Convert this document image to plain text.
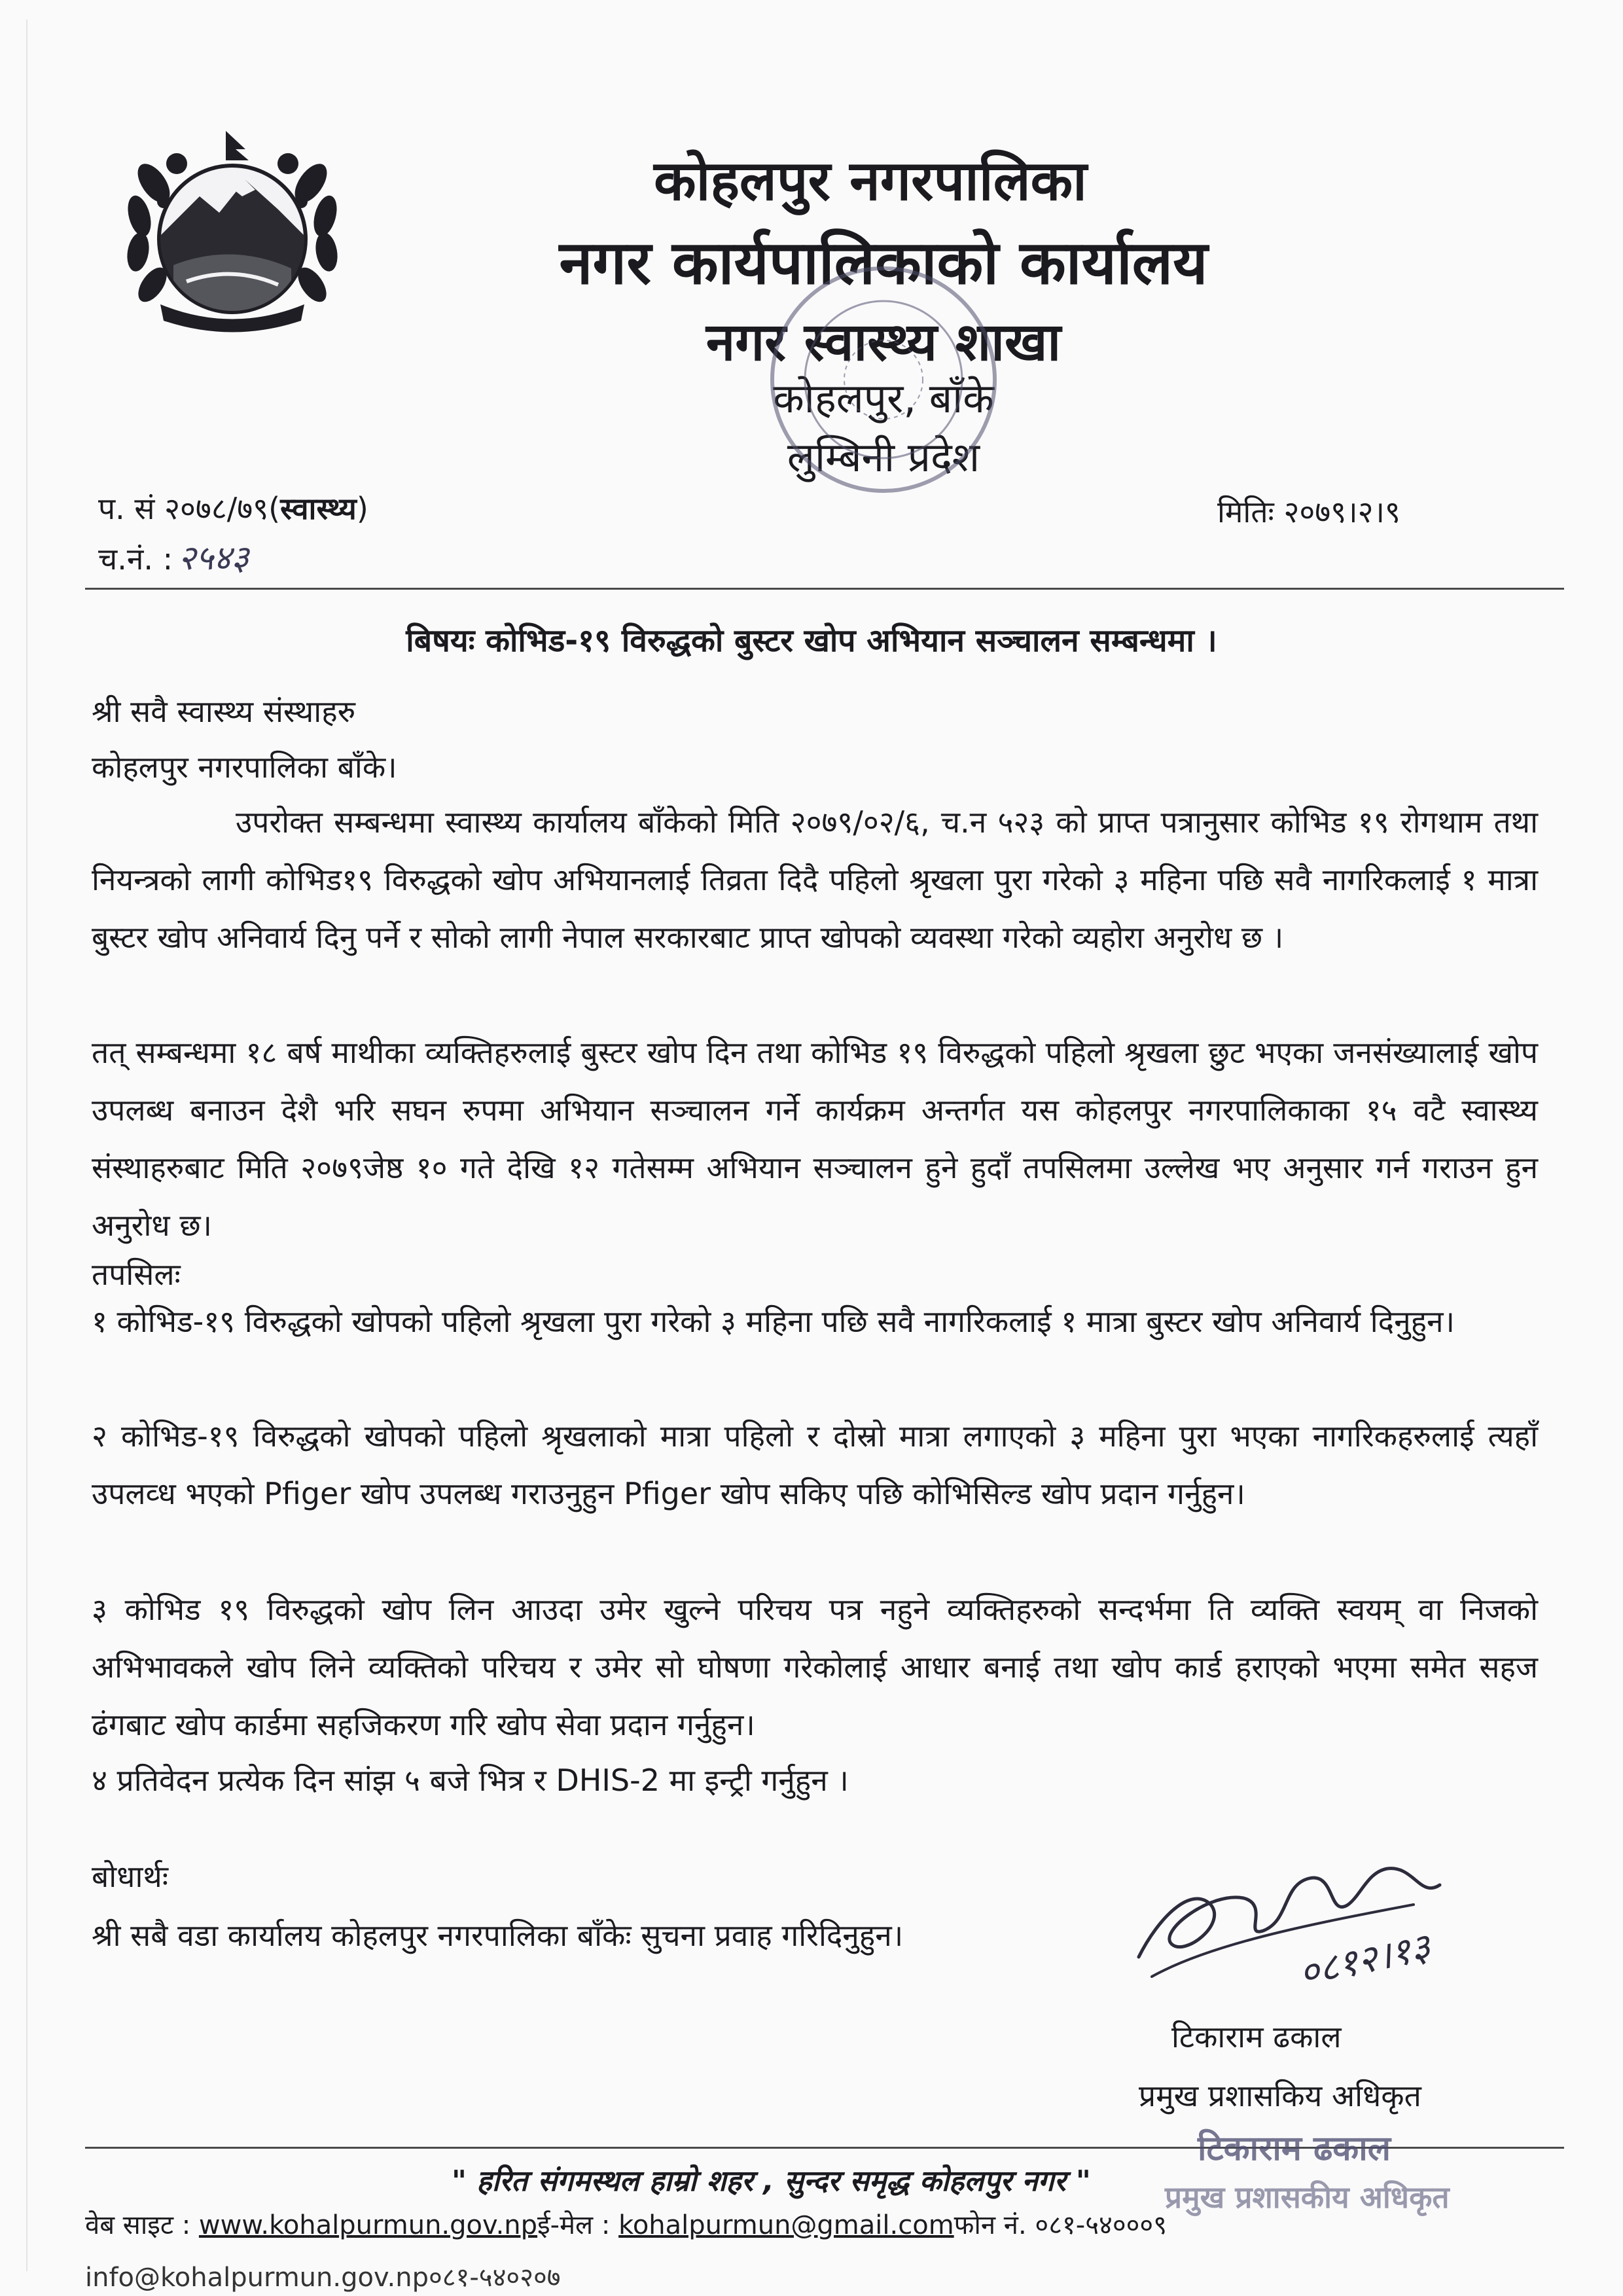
कोहलपुर नगरपालिका
नगर कार्यपालिकाको कार्यालय
नगर स्वास्थ्य शाखा
कोहलपुर, बाँके
लुम्बिनी प्रदेश
प. सं २०७८/७९(स्वास्थ्य)
च.नं. : २५४३
मितिः २०७९।२।९
बिषयः कोभिड-१९ विरुद्धको बुस्टर खोप अभियान सञ्चालन सम्बन्धमा ।
श्री सवै स्वास्थ्य संस्थाहरु
कोहलपुर नगरपालिका बाँके।
उपरोक्त सम्बन्धमा स्वास्थ्य कार्यालय बाँकेको मिति २०७९/०२/६, च.न ५२३ को प्राप्त पत्रानुसार कोभिड १९ रोगथाम तथा नियन्त्रको लागी कोभिड१९ विरुद्धको खोप अभियानलाई तिव्रता दिदै पहिलो श्रृखला पुरा गरेको ३ महिना पछि सवै नागरिकलाई १ मात्रा बुस्टर खोप अनिवार्य दिनु पर्ने र सोको लागी नेपाल सरकारबाट प्राप्त खोपको व्यवस्था गरेको व्यहोरा अनुरोध छ ।
तत् सम्बन्धमा १८ बर्ष माथीका व्यक्तिहरुलाई बुस्टर खोप दिन तथा कोभिड १९ विरुद्धको पहिलो श्रृखला छुट भएका जनसंख्यालाई खोप उपलब्ध बनाउन देशै भरि सघन रुपमा अभियान सञ्चालन गर्ने कार्यक्रम अन्तर्गत यस कोहलपुर नगरपालिकाका १५ वटै स्वास्थ्य संस्थाहरुबाट मिति २०७९जेष्ठ १० गते देखि १२ गतेसम्म अभियान सञ्चालन हुने हुदाँ तपसिलमा उल्लेख भए अनुसार गर्न गराउन हुन अनुरोध छ।
तपसिलः
१ कोभिड-१९ विरुद्धको खोपको पहिलो श्रृखला पुरा गरेको ३ महिना पछि सवै नागरिकलाई १ मात्रा बुस्टर खोप अनिवार्य दिनुहुन।
२ कोभिड-१९ विरुद्धको खोपको पहिलो श्रृखलाको मात्रा पहिलो र दोस्रो मात्रा लगाएको ३ महिना पुरा भएका नागरिकहरुलाई त्यहाँ उपलव्ध भएको Pfiger खोप उपलब्ध गराउनुहुन Pfiger खोप सकिए पछि कोभिसिल्ड खोप प्रदान गर्नुहुन।
३ कोभिड १९ विरुद्धको खोप लिन आउदा उमेर खुल्ने परिचय पत्र नहुने व्यक्तिहरुको सन्दर्भमा ति व्यक्ति स्वयम् वा निजको अभिभावकले खोप लिने व्यक्तिको परिचय र उमेर सो घोषणा गरेकोलाई आधार बनाई तथा खोप कार्ड हराएको भएमा समेत सहज ढंगबाट खोप कार्डमा सहजिकरण गरि खोप सेवा प्रदान गर्नुहुन।
४ प्रतिवेदन प्रत्येक दिन सांझ ५ बजे भित्र र DHIS-2 मा इन्ट्री गर्नुहुन ।
बोधार्थः
श्री सबै वडा कार्यालय कोहलपुर नगरपालिका बाँकेः सुचना प्रवाह गरिदिनुहुन।	०८१२।१३
टिकाराम ढकाल
प्रमुख प्रशासकिय अधिकृत
टिकाराम ढकाल
" हरित संगमस्थल हाम्रो शहर , सुन्दर समृद्ध कोहलपुर नगर " प्रमुख प्रशासकीय अधिकृत
वेब साइट : www.kohalpurmun.gov.npई-मेल : kohalpurmun@gmail.comफोन नं. ०८१-५४०००९
info@kohalpurmun.gov.np०८१-५४०२०७
